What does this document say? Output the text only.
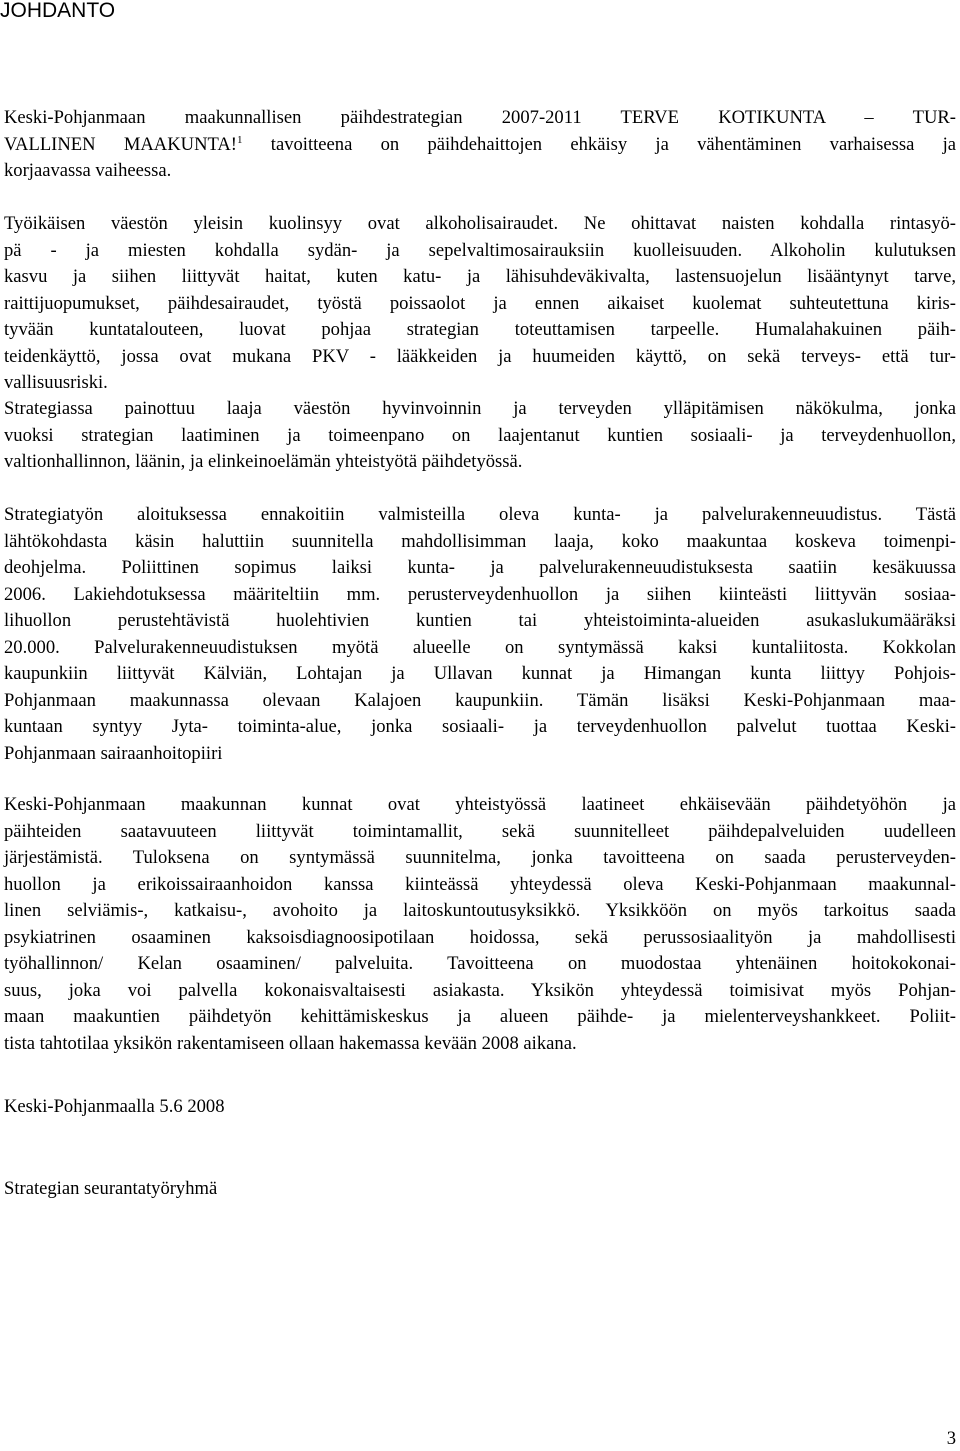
JOHDANTO
Keski-Pohjanmaan maakunnallisen päihdestrategian 2007-2011 TERVE KOTIKUNTA – TUR-
VALLINEN MAAKUNTA!$^1$ tavoitteena on päihdehaittojen ehkäisy ja vähentäminen varhaisessa ja
korjaavassa vaiheessa.
Työikäisen väestön yleisin kuolinsyy ovat alkoholisairaudet. Ne ohittavat naisten kohdalla rintasyö-
pä - ja miesten kohdalla sydän- ja sepelvaltimosairauksiin kuolleisuuden. Alkoholin kulutuksen
kasvu ja siihen liittyvät haitat, kuten katu- ja lähisuhdeväkivalta, lastensuojelun lisääntynyt tarve,
raittijuopumukset, päihdesairaudet, työstä poissaolot ja ennen aikaiset kuolemat suhteutettuna kiris-
tyvään kuntatalouteen, luovat pohjaa strategian toteuttamisen tarpeelle. Humalahakuinen päih-
teidenkäyttö, jossa ovat mukana PKV - lääkkeiden ja huumeiden käyttö, on sekä terveys- että tur-
vallisuusriski.
Strategiassa painottuu laaja väestön hyvinvoinnin ja terveyden ylläpitämisen näkökulma, jonka
vuoksi strategian laatiminen ja toimeenpano on laajentanut kuntien sosiaali- ja terveydenhuollon,
valtionhallinnon, läänin, ja elinkeinoelämän yhteistyötä päihdetyössä.
Strategiatyön aloituksessa ennakoitiin valmisteilla oleva kunta- ja palvelurakenneuudistus. Tästä
lähtökohdasta käsin haluttiin suunnitella mahdollisimman laaja, koko maakuntaa koskeva toimenpi-
deohjelma. Poliittinen sopimus laiksi kunta- ja palvelurakenneuudistuksesta saatiin kesäkuussa
2006. Lakiehdotuksessa määriteltiin mm. perusterveydenhuollon ja siihen kiinteästi liittyvän sosiaa-
lihuollon perustehtävistä huolehtivien kuntien tai yhteistoiminta-alueiden asukaslukumääräksi
20.000. Palvelurakenneuudistuksen myötä alueelle on syntymässä kaksi kuntaliitosta. Kokkolan
kaupunkiin liittyvät Kälviän, Lohtajan ja Ullavan kunnat ja Himangan kunta liittyy Pohjois-
Pohjanmaan maakunnassa olevaan Kalajoen kaupunkiin. Tämän lisäksi Keski-Pohjanmaan maa-
kuntaan syntyy Jyta- toiminta-alue, jonka sosiaali- ja terveydenhuollon palvelut tuottaa Keski-
Pohjanmaan sairaanhoitopiiri
Keski-Pohjanmaan maakunnan kunnat ovat yhteistyössä laatineet ehkäisevään päihdetyöhön ja
päihteiden saatavuuteen liittyvät toimintamallit, sekä suunnitelleet päihdepalveluiden uudelleen
järjestämistä. Tuloksena on syntymässä suunnitelma, jonka tavoitteena on saada perusterveyden-
huollon ja erikoissairaanhoidon kanssa kiinteässä yhteydessä oleva Keski-Pohjanmaan maakunnal-
linen selviämis-, katkaisu-, avohoito ja laitoskuntoutusyksikkö. Yksikköön on myös tarkoitus saada
psykiatrinen osaaminen kaksoisdiagnoosipotilaan hoidossa, sekä perussosiaalityön ja mahdollisesti
työhallinnon/ Kelan osaaminen/ palveluita. Tavoitteena on muodostaa yhtenäinen hoitokokonai-
suus, joka voi palvella kokonaisvaltaisesti asiakasta. Yksikön yhteydessä toimisivat myös Pohjan-
maan maakuntien päihdetyön kehittämiskeskus ja alueen päihde- ja mielenterveyshankkeet. Poliit-
tista tahtotilaa yksikön rakentamiseen ollaan hakemassa kevään 2008 aikana.
Keski-Pohjanmaalla 5.6 2008
Strategian seurantatyöryhmä
3
